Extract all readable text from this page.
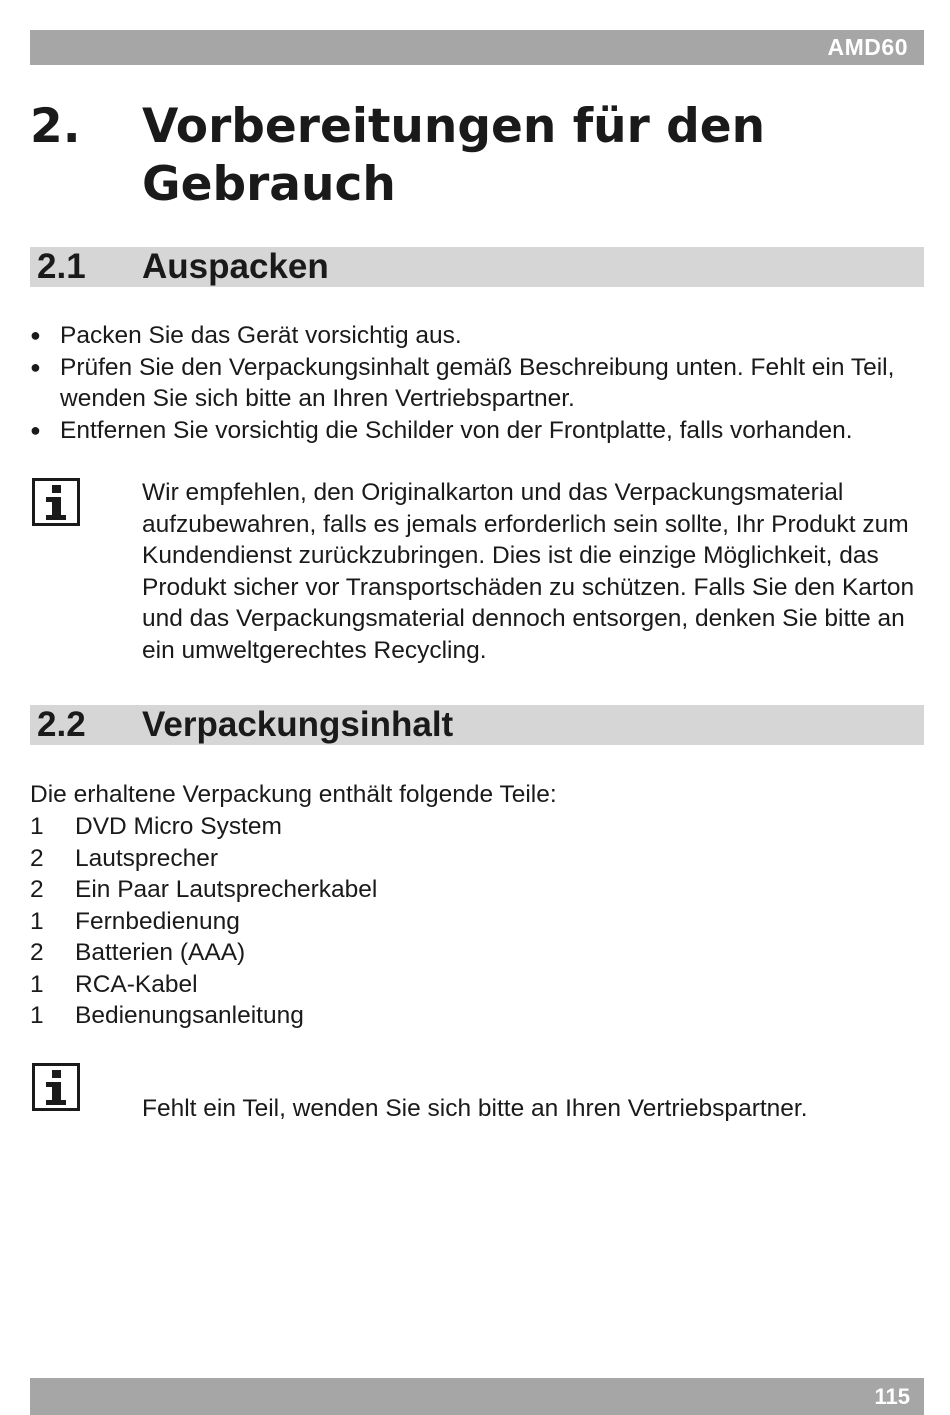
AMD60
2.	Vorbereitungen für den Gebrauch
2.1 Auspacken
● Packen Sie das Gerät vorsichtig aus.
● Prüfen Sie den Verpackungsinhalt gemäß Beschreibung unten. Fehlt ein Teil, wenden Sie sich bitte an Ihren Vertriebspartner.
● Entfernen Sie vorsichtig die Schilder von der Frontplatte, falls vorhanden.
Wir empfehlen, den Originalkarton und das Verpackungsmaterial aufzubewahren, falls es jemals erforderlich sein sollte, Ihr Produkt zum Kundendienst zurückzubringen. Dies ist die einzige Möglichkeit, das Produkt sicher vor Transportschäden zu schützen. Falls Sie den Karton und das Verpackungsmaterial dennoch entsorgen, denken Sie bitte an ein umweltgerechtes Recycling.
2.2 Verpackungsinhalt
Die erhaltene Verpackung enthält folgende Teile:
1	DVD Micro System
2	Lautsprecher
2	Ein Paar Lautsprecherkabel
1	Fernbedienung
2	Batterien (AAA)
1	RCA-Kabel
1	Bedienungsanleitung
Fehlt ein Teil, wenden Sie sich bitte an Ihren Vertriebspartner.
115
